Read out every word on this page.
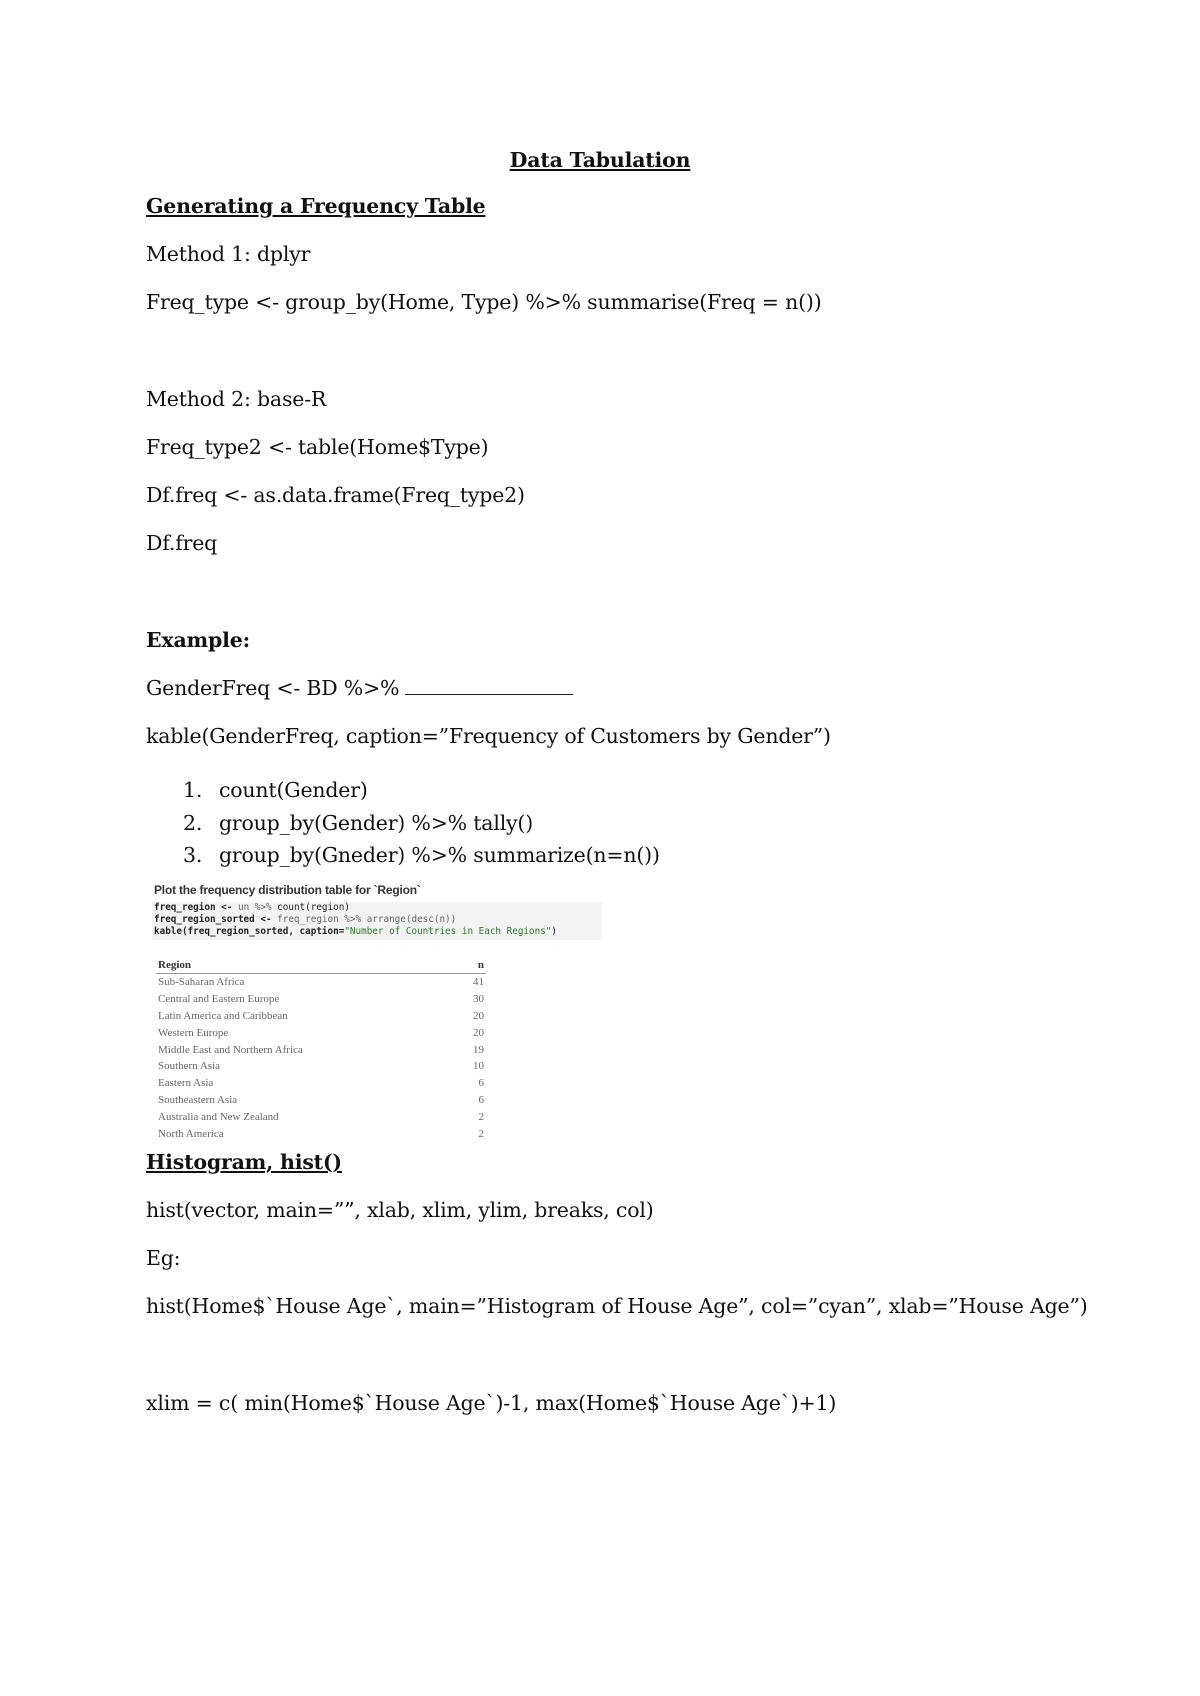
Data Tabulation
Generating a Frequency Table
Method 1: dplyr
Freq_type <- group_by(Home, Type) %>% summarise(Freq = n())
Method 2: base-R
Freq_type2 <- table(Home$Type)
Df.freq <- as.data.frame(Freq_type2)
Df.freq
Example:
GenderFreq <- BD %>%
kable(GenderFreq, caption=”Frequency of Customers by Gender”)
1. count(Gender)
2. group_by(Gender) %>% tally()
3. group_by(Gneder) %>% summarize(n=n())
Plot the frequency distribution table for `Region`
freq_region <- un %>% count(region)
freq_region_sorted <- freq_region %>% arrange(desc(n))
kable(freq_region_sorted, caption="Number of Countries in Each Regions")
Region	n
Sub-Saharan Africa	41
Central and Eastern Europe	30
Latin America and Caribbean	20
Western Europe	20
Middle East and Northern Africa	19
Southern Asia	10
Eastern Asia	6
Southeastern Asia	6
Australia and New Zealand	2
North America	2
Histogram, hist()
hist(vector, main=””, xlab, xlim, ylim, breaks, col)
Eg:
hist(Home$`House Age`, main=”Histogram of House Age”, col=”cyan”, xlab=”House Age”)
xlim = c( min(Home$`House Age`)-1, max(Home$`House Age`)+1)
